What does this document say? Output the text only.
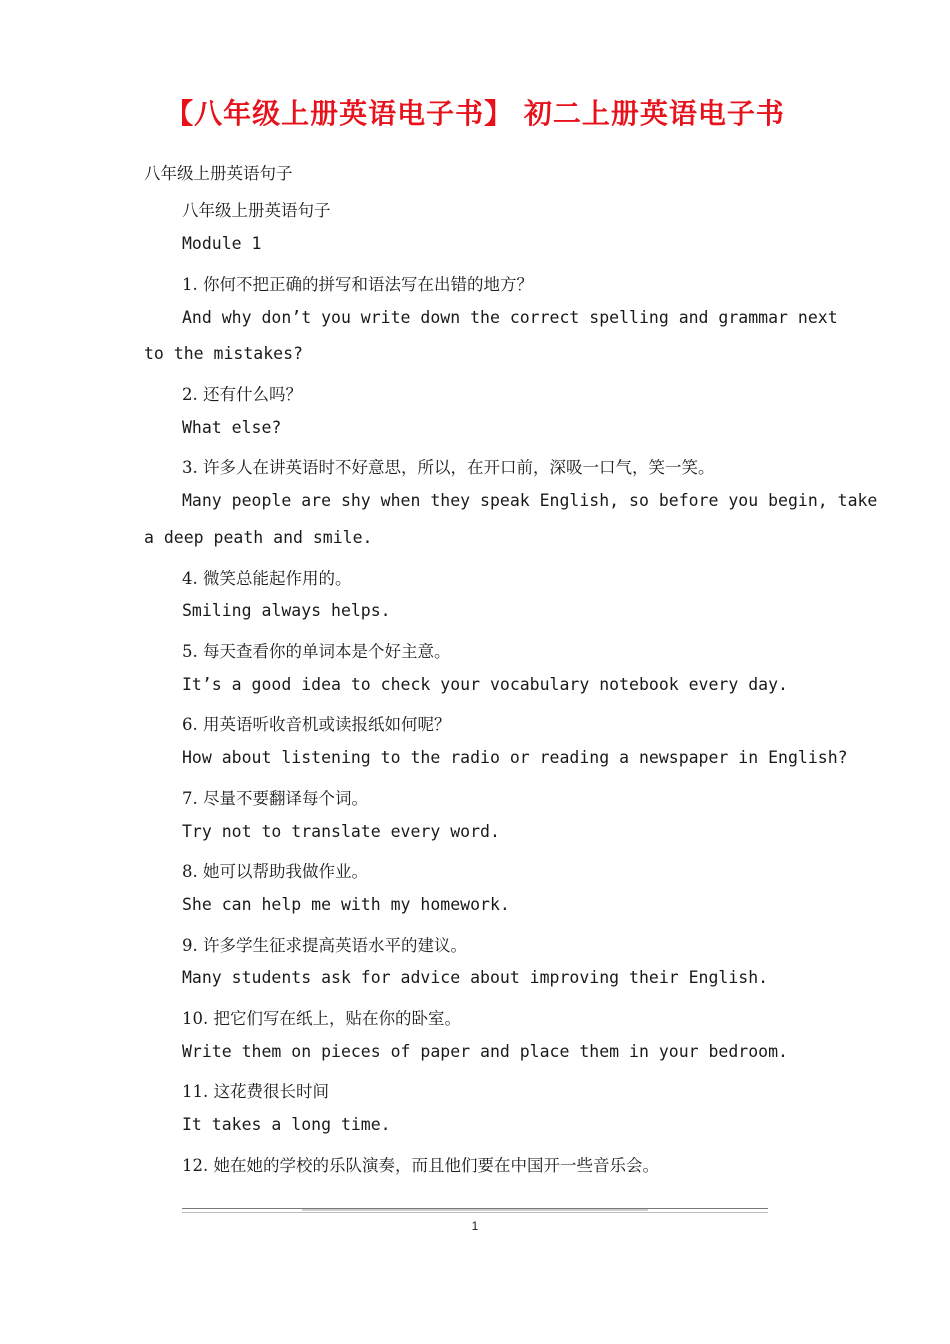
【八年级上册英语电子书】 初二上册英语电子书
八年级上册英语句子
八年级上册英语句子
Module 1
1. 你何不把正确的拼写和语法写在出错的地方？
And why don’t you write down the correct spelling and grammar next
to the mistakes?
2. 还有什么吗？
What else?
3. 许多人在讲英语时不好意思，所以，在开口前，深吸一口气，笑一笑。
Many people are shy when they speak English, so before you begin, take
a deep peath and smile.
4. 微笑总能起作用的。
Smiling always helps.
5. 每天查看你的单词本是个好主意。
It’s a good idea to check your vocabulary notebook every day.
6. 用英语听收音机或读报纸如何呢？
How about listening to the radio or reading a newspaper in English?
7. 尽量不要翻译每个词。
Try not to translate every word.
8. 她可以帮助我做作业。
She can help me with my homework.
9. 许多学生征求提高英语水平的建议。
Many students ask for advice about improving their English.
10. 把它们写在纸上，贴在你的卧室。
Write them on pieces of paper and place them in your bedroom.
11. 这花费很长时间
It takes a long time.
12. 她在她的学校的乐队演奏，而且他们要在中国开一些音乐会。
1
